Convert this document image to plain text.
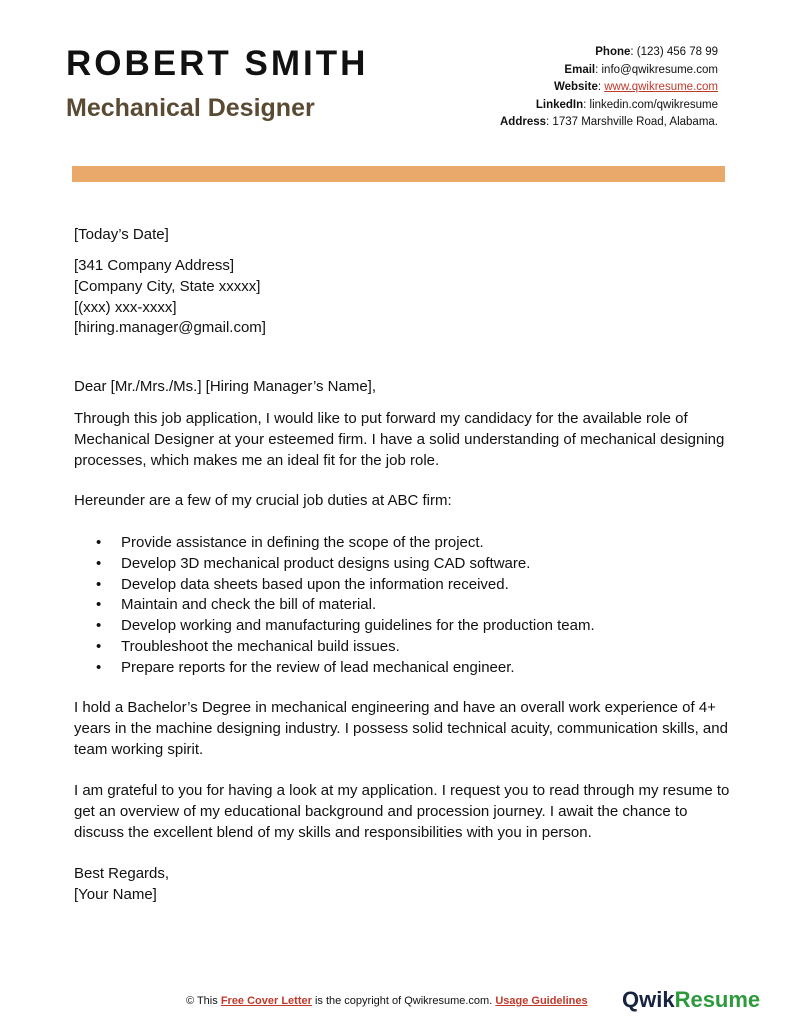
ROBERT SMITH
Mechanical Designer
Phone: (123) 456 78 99
Email: info@qwikresume.com
Website: www.qwikresume.com
LinkedIn: linkedin.com/qwikresume
Address: 1737 Marshville Road, Alabama.
[Today’s Date]
[341 Company Address]
[Company City, State xxxxx]
[(xxx) xxx-xxxx]
[hiring.manager@gmail.com]
Dear [Mr./Mrs./Ms.] [Hiring Manager’s Name],

Through this job application, I would like to put forward my candidacy for the available role of Mechanical Designer at your esteemed firm. I have a solid understanding of mechanical designing processes, which makes me an ideal fit for the job role.

Hereunder are a few of my crucial job duties at ABC firm:
• Provide assistance in defining the scope of the project.
• Develop 3D mechanical product designs using CAD software.
• Develop data sheets based upon the information received.
• Maintain and check the bill of material.
• Develop working and manufacturing guidelines for the production team.
• Troubleshoot the mechanical build issues.
• Prepare reports for the review of lead mechanical engineer.

I hold a Bachelor’s Degree in mechanical engineering and have an overall work experience of 4+ years in the machine designing industry. I possess solid technical acuity, communication skills, and team working spirit.

I am grateful to you for having a look at my application. I request you to read through my resume to get an overview of my educational background and procession journey. I await the chance to discuss the excellent blend of my skills and responsibilities with you in person.

Best Regards,
[Your Name]
© This Free Cover Letter is the copyright of Qwikresume.com. Usage Guidelines QwikResume
